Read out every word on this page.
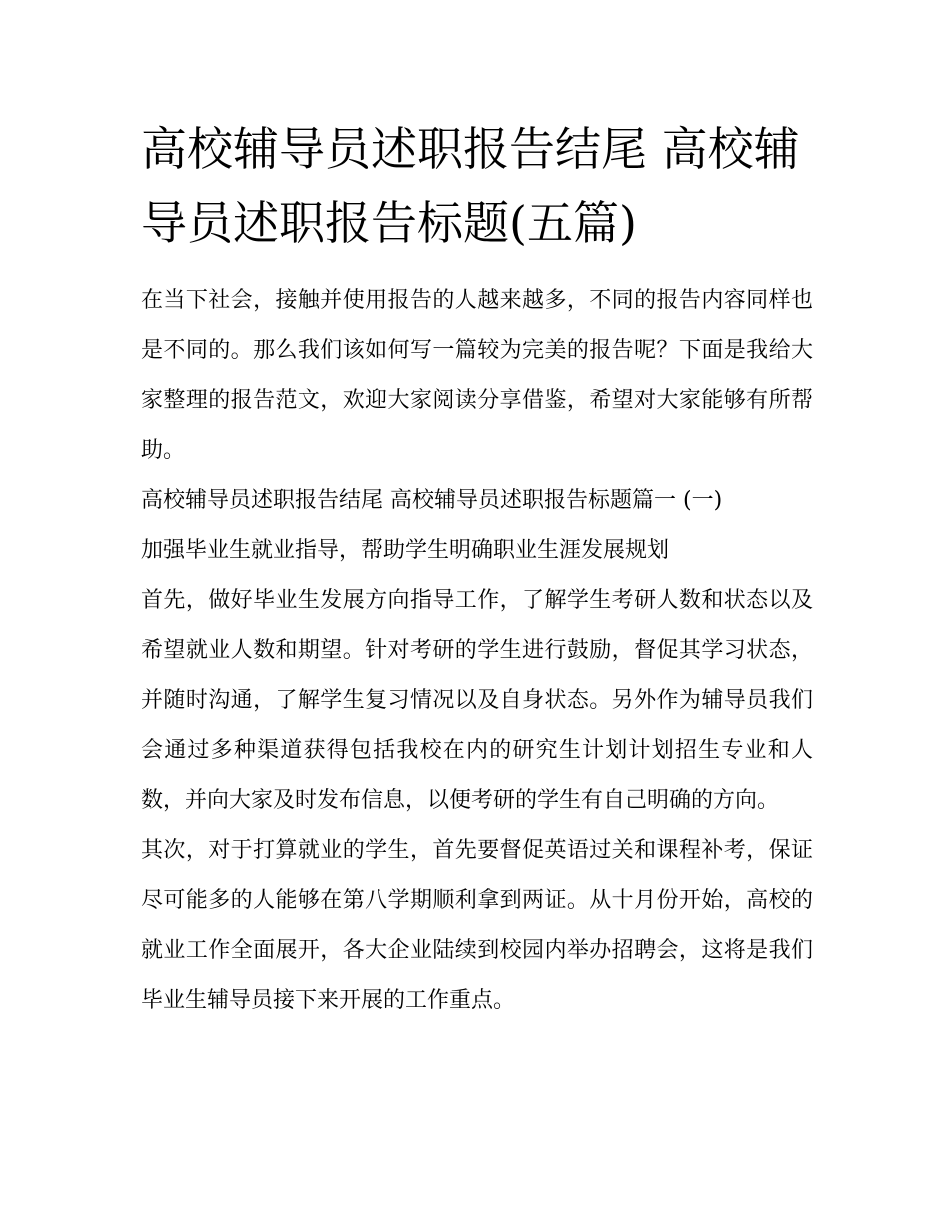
高校辅导员述职报告结尾 高校辅导员述职报告标题(五篇)

在当下社会，接触并使用报告的人越来越多，不同的报告内容同样也是不同的。那么我们该如何写一篇较为完美的报告呢？下面是我给大家整理的报告范文，欢迎大家阅读分享借鉴，希望对大家能够有所帮助。

高校辅导员述职报告结尾 高校辅导员述职报告标题篇一 (一)

加强毕业生就业指导，帮助学生明确职业生涯发展规划

首先，做好毕业生发展方向指导工作，了解学生考研人数和状态以及希望就业人数和期望。针对考研的学生进行鼓励，督促其学习状态，并随时沟通，了解学生复习情况以及自身状态。另外作为辅导员我们会通过多种渠道获得包括我校在内的研究生计划计划招生专业和人数，并向大家及时发布信息，以便考研的学生有自己明确的方向。

其次，对于打算就业的学生，首先要督促英语过关和课程补考，保证尽可能多的人能够在第八学期顺利拿到两证。从十月份开始，高校的就业工作全面展开，各大企业陆续到校园内举办招聘会，这将是我们毕业生辅导员接下来开展的工作重点。
